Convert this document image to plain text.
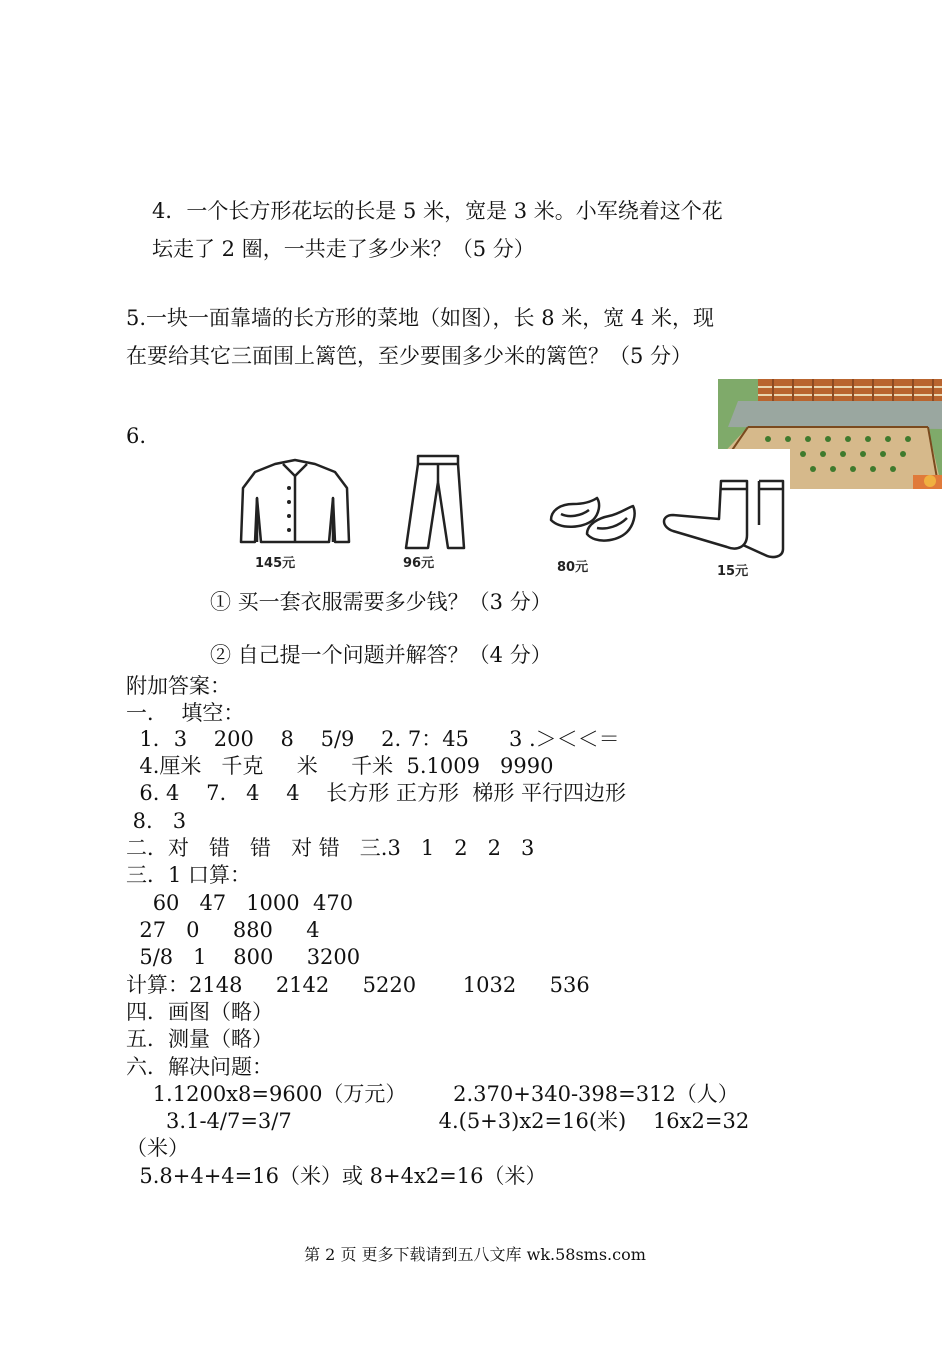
4．一个长方形花坛的长是 5 米，宽是 3 米。小军绕着这个花
坛走了 2 圈，一共走了多少米？（5 分）
5.一块一面靠墙的长方形的菜地（如图），长 8 米，宽 4 米，现
在要给其它三面围上篱笆，至少要围多少米的篱笆？（5 分）
6.
145元	96元	80元	15元
① 买一套衣服需要多少钱？（3 分）
② 自己提一个问题并解答？（4 分）
附加答案：
一．  填空：
1．3    200    8    5/9    2. 7：45      3 .＞＜＜＝
4.厘米   千克     米     千米  5.1009   9990
6. 4    7.   4    4    长方形 正方形  梯形 平行四边形
8.   3
二．对   错   错   对 错   三.3   1   2   2   3
三．1 口算：
60   47   1000  470
27   0     880     4
5/8   1    800     3200
计算：2148     2142     5220       1032     536
四．画图（略）
五．测量（略）
六．解决问题：
1.1200x8=9600（万元）       2.370+340-398=312（人）
3.1-4/7=3/7                      4.(5+3)x2=16(米)    16x2=32
（米）
5.8+4+4=16（米）或 8+4x2=16（米）
第 2 页 更多下载请到五八文库 wk.58sms.com
